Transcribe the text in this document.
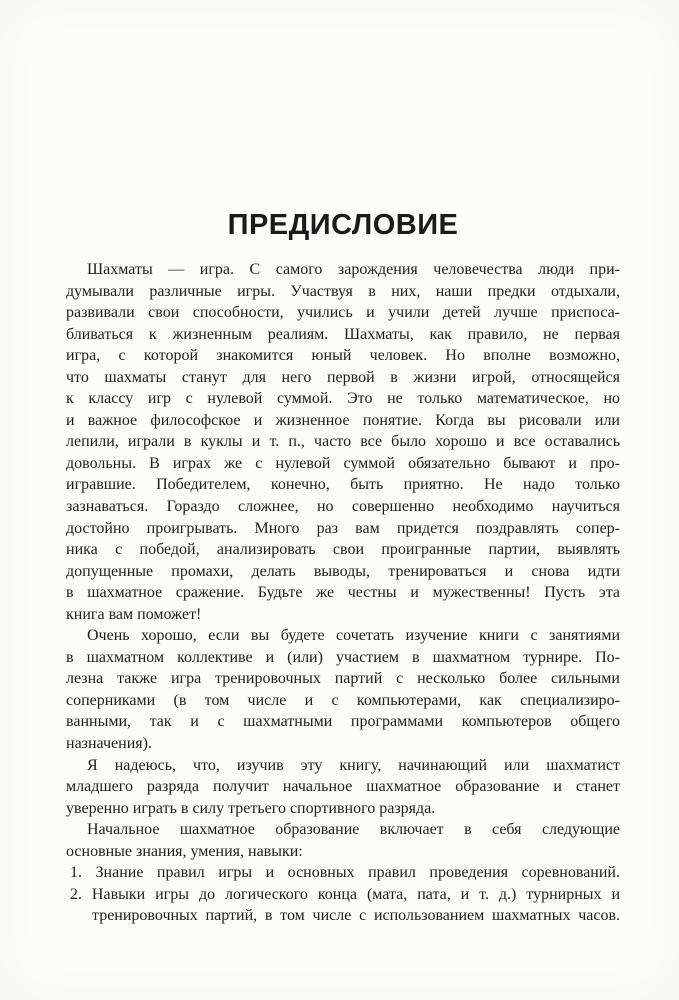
ПРЕДИСЛОВИЕ
Шахматы — игра. С самого зарождения человечества люди при-
думывали различные игры. Участвуя в них, наши предки отдыхали,
развивали свои способности, учились и учили детей лучше приспоса-
бливаться к жизненным реалиям. Шахматы, как правило, не первая
игра, с которой знакомится юный человек. Но вполне возможно,
что шахматы станут для него первой в жизни игрой, относящейся
к классу игр с нулевой суммой. Это не только математическое, но
и важное философское и жизненное понятие. Когда вы рисовали или
лепили, играли в куклы и т. п., часто все было хорошо и все оставались
довольны. В играх же с нулевой суммой обязательно бывают и про-
игравшие. Победителем, конечно, быть приятно. Не надо только
зазнаваться. Гораздо сложнее, но совершенно необходимо научиться
достойно проигрывать. Много раз вам придется поздравлять сопер-
ника с победой, анализировать свои проигранные партии, выявлять
допущенные промахи, делать выводы, тренироваться и снова идти
в шахматное сражение. Будьте же честны и мужественны! Пусть эта
книга вам поможет!
Очень хорошо, если вы будете сочетать изучение книги с занятиями
в шахматном коллективе и (или) участием в шахматном турнире. По-
лезна также игра тренировочных партий с несколько более сильными
соперниками (в том числе и с компьютерами, как специализиро-
ванными, так и с шахматными программами компьютеров общего
назначения).
Я надеюсь, что, изучив эту книгу, начинающий или шахматист
младшего разряда получит начальное шахматное образование и станет
уверенно играть в силу третьего спортивного разряда.
Начальное шахматное образование включает в себя следующие
основные знания, умения, навыки:
1. Знание правил игры и основных правил проведения соревнований.
2. Навыки игры до логического конца (мата, пата, и т. д.) турнирных и
тренировочных партий, в том числе с использованием шахматных часов.
